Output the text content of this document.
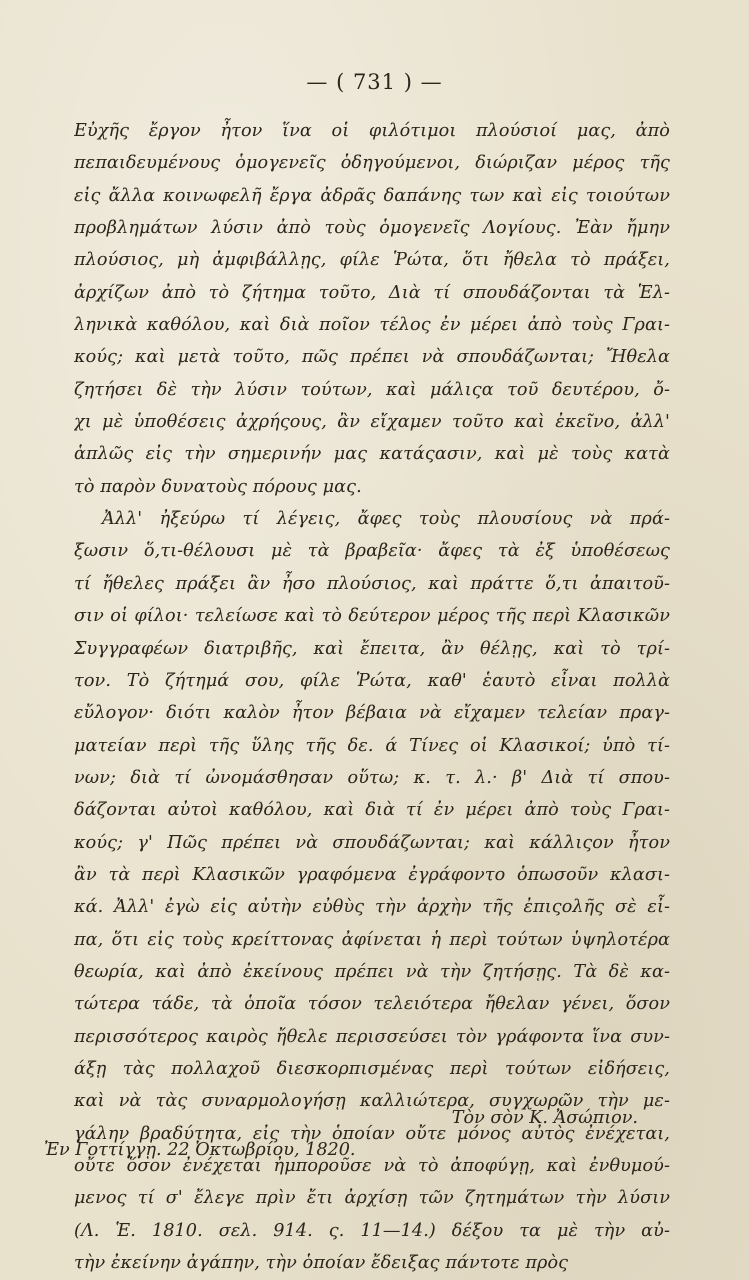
— ( 731 ) —
Εὐχῆς ἔργον ἦτον ἵνα οἱ φιλότιμοι πλούσιοί μας, ἀπὸ
πεπαιδευμένους ὁμογενεῖς ὁδηγούμενοι, διώριζαν μέρος τῆς
εἰς ἄλλα κοινωφελῆ ἔργα ἀδρᾶς δαπάνης των καὶ εἰς τοιούτων
προβλημάτων λύσιν ἀπὸ τοὺς ὁμογενεῖς Λογίους. Ἐὰν ἤμην
πλούσιος, μὴ ἀμφιβάλλῃς, φίλε Ῥώτα, ὅτι ἤθελα τὸ πράξει,
ἀρχίζων ἀπὸ τὸ ζήτημα τοῦτο, Διὰ τί σπουδάζονται τὰ Ἑλ-
ληνικὰ καθόλου, καὶ διὰ ποῖον τέλος ἐν μέρει ἀπὸ τοὺς Γραι-
κούς; καὶ μετὰ τοῦτο, πῶς πρέπει νὰ σπουδάζωνται; Ἤθελα
ζητήσει δὲ τὴν λύσιν τούτων, καὶ μάλιςα τοῦ δευτέρου, ὄ-
χι μὲ ὑποθέσεις ἀχρήςους, ἂν εἴχαμεν τοῦτο καὶ ἐκεῖνο, ἀλλ'
ἁπλῶς εἰς τὴν σημερινήν μας κατάςασιν, καὶ μὲ τοὺς κατὰ
τὸ παρὸν δυνατοὺς πόρους μας.
Ἀλλ' ἠξεύρω τί λέγεις, ἄφες τοὺς πλουσίους νὰ πρά-
ξωσιν ὅ,τι-θέλουσι μὲ τὰ βραβεῖα· ἄφες τὰ ἐξ ὑποθέσεως
τί ἤθελες πράξει ἂν ἦσο πλούσιος, καὶ πράττε ὅ,τι ἀπαιτοῦ-
σιν οἱ φίλοι· τελείωσε καὶ τὸ δεύτερον μέρος τῆς περὶ Κλασικῶν
Συγγραφέων διατριβῆς, καὶ ἔπειτα, ἂν θέλῃς, καὶ τὸ τρί-
τον. Τὸ ζήτημά σου, φίλε Ῥώτα, καθ' ἑαυτὸ εἶναι πολλὰ
εὔλογον· διότι καλὸν ἦτον βέβαια νὰ εἴχαμεν τελείαν πραγ-
ματείαν περὶ τῆς ὕλης τῆς δε. ά Τίνες οἱ Κλασικοί; ὑπὸ τί-
νων; διὰ τί ὠνομάσθησαν οὕτω; κ. τ. λ.· β' Διὰ τί σπου-
δάζονται αὐτοὶ καθόλου, καὶ διὰ τί ἐν μέρει ἀπὸ τοὺς Γραι-
κούς; γ' Πῶς πρέπει νὰ σπουδάζωνται; καὶ κάλλιςον ἦτον
ἂν τὰ περὶ Κλασικῶν γραφόμενα ἐγράφοντο ὁπωσοῦν κλασι-
κά. Ἀλλ' ἐγὼ εἰς αὐτὴν εὐθὺς τὴν ἀρχὴν τῆς ἐπιςολῆς σὲ εἶ-
πα, ὅτι εἰς τοὺς κρείττονας ἀφίνεται ἡ περὶ τούτων ὑψηλοτέρα
θεωρία, καὶ ἀπὸ ἐκείνους πρέπει νὰ τὴν ζητήσῃς. Τὰ δὲ κα-
τώτερα τάδε, τὰ ὁποῖα τόσον τελειότερα ἤθελαν γένει, ὅσον
περισσότερος καιρὸς ἤθελε περισσεύσει τὸν γράφοντα ἵνα συν-
άξῃ τὰς πολλαχοῦ διεσκορπισμένας περὶ τούτων εἰδήσεις,
καὶ νὰ τὰς συναρμολογήσῃ καλλιώτερα, συγχωρῶν τὴν με-
γάλην βραδύτητα, εἰς τὴν ὁποίαν οὔτε μόνος αὐτὸς ἐνέχεται,
οὔτε ὅσον ἐνέχεται ἠμποροῦσε νὰ τὸ ἀποφύγῃ, καὶ ἐνθυμού-
μενος τί σ' ἔλεγε πρὶν ἔτι ἀρχίσῃ τῶν ζητημάτων τὴν λύσιν
(Λ. Ἑ. 1810. σελ. 914. ς. 11—14.) δέξου τα μὲ τὴν αὐ-
τὴν ἐκείνην ἀγάπην, τὴν ὁποίαν ἔδειξας πάντοτε πρὸς
Τὸν σὸν Κ. Ἀσώπιον.
Ἐν Γοττίγγῃ. 22 Ὀκτωβρίου, 1820.
